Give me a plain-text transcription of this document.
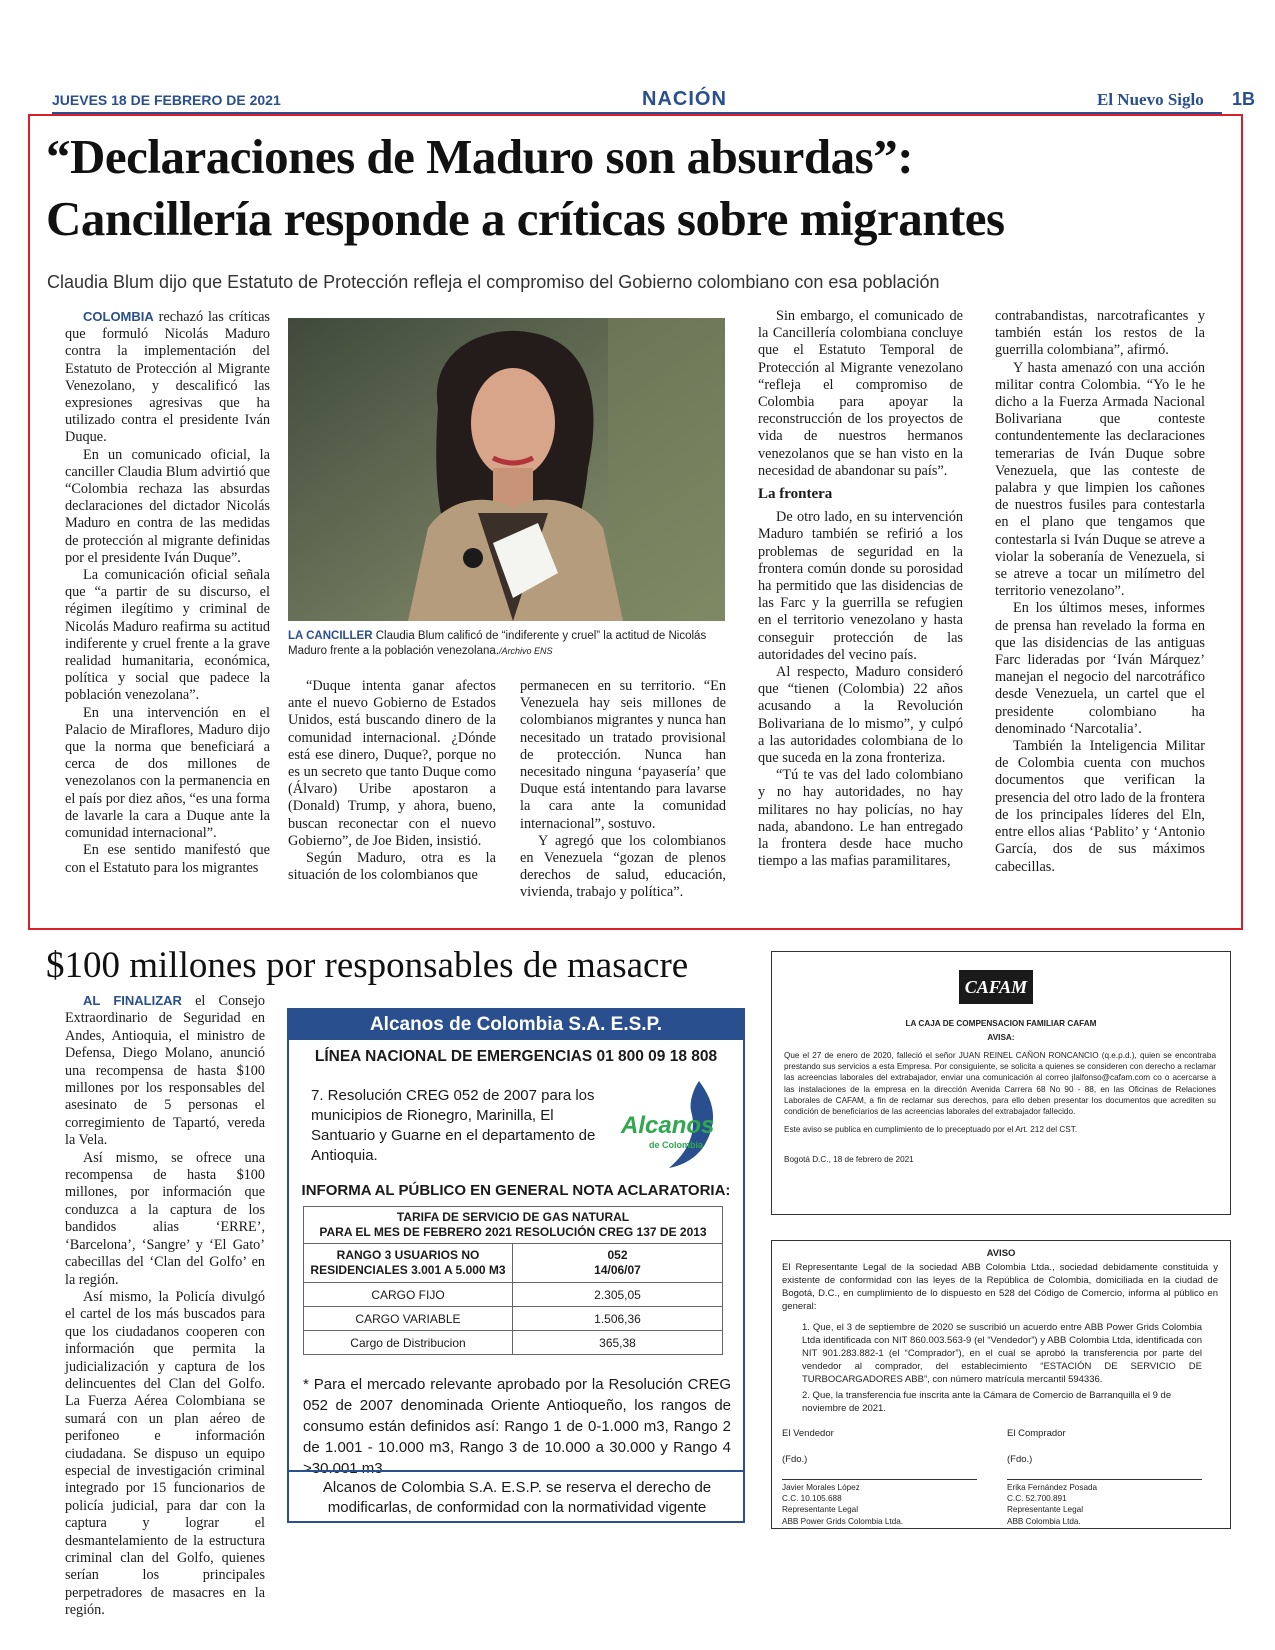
JUEVES 18 DE FEBRERO DE 2021	NACIÓN	El Nuevo Siglo 1B
“Declaraciones de Maduro son absurdas”:
Cancillería responde a críticas sobre migrantes
Claudia Blum dijo que Estatuto de Protección refleja el compromiso del Gobierno colombiano con esa población

COLOMBIA rechazó las críticas que formuló Nicolás Maduro contra la implementación del Estatuto de Protección al Migrante Venezolano, y descalificó las expresiones agresivas que ha utilizado contra el presidente Iván Duque.

En un comunicado oficial, la canciller Claudia Blum advirtió que “Colombia rechaza las absurdas declaraciones del dictador Nicolás Maduro en contra de las medidas de protección al migrante definidas por el presidente Iván Duque”.

La comunicación oficial señala que “a partir de su discurso, el régimen ilegítimo y criminal de Nicolás Maduro reafirma su actitud indiferente y cruel frente a la grave realidad humanitaria, económica, política y social que padece la población venezolana”.

En una intervención en el Palacio de Miraflores, Maduro dijo que la norma que beneficiará a cerca de dos millones de venezolanos con la permanencia en el país por diez años, “es una forma de lavarle la cara a Duque ante la comunidad internacional”.

En ese sentido manifestó que con el Estatuto para los migrantes

LA CANCILLER Claudia Blum calificó de “indiferente y cruel” la actitud de Nicolás Maduro frente a la población venezolana./Archivo ENS

“Duque intenta ganar afectos ante el nuevo Gobierno de Estados Unidos, está buscando dinero de la comunidad internacional. ¿Dónde está ese dinero, Duque?, porque no es un secreto que tanto Duque como (Álvaro) Uribe apostaron a (Donald) Trump, y ahora, bueno, buscan reconectar con el nuevo Gobierno”, de Joe Biden, insistió.

Según Maduro, otra es la situación de los colombianos que

permanecen en su territorio. “En Venezuela hay seis millones de colombianos migrantes y nunca han necesitado un tratado provisional de protección. Nunca han necesitado ninguna ‘payasería’ que Duque está intentando para lavarse la cara ante la comunidad internacional”, sostuvo.

Y agregó que los colombianos en Venezuela “gozan de plenos derechos de salud, educación, vivienda, trabajo y política”.

Sin embargo, el comunicado de la Cancillería colombiana concluye que el Estatuto Temporal de Protección al Migrante venezolano “refleja el compromiso de Colombia para apoyar la reconstrucción de los proyectos de vida de nuestros hermanos venezolanos que se han visto en la necesidad de abandonar su país”.

La frontera

De otro lado, en su intervención Maduro también se refirió a los problemas de seguridad en la frontera común donde su porosidad ha permitido que las disidencias de las Farc y la guerrilla se refugien en el territorio venezolano y hasta conseguir protección de las autoridades del vecino país.

Al respecto, Maduro consideró que “tienen (Colombia) 22 años acusando a la Revolución Bolivariana de lo mismo”, y culpó a las autoridades colombiana de lo que suceda en la zona fronteriza.

“Tú te vas del lado colombiano y no hay autoridades, no hay militares no hay policías, no hay nada, abandono. Le han entregado la frontera desde hace mucho tiempo a las mafias paramilitares,

contrabandistas, narcotraficantes y también están los restos de la guerrilla colombiana”, afirmó.

Y hasta amenazó con una acción militar contra Colombia. “Yo le he dicho a la Fuerza Armada Nacional Bolivariana que conteste contundentemente las declaraciones temerarias de Iván Duque sobre Venezuela, que las conteste de palabra y que limpien los cañones de nuestros fusiles para contestarla en el plano que tengamos que contestarla si Iván Duque se atreve a violar la soberanía de Venezuela, si se atreve a tocar un milímetro del territorio venezolano”.

En los últimos meses, informes de prensa han revelado la forma en que las disidencias de las antiguas Farc lideradas por ‘Iván Márquez’ manejan el negocio del narcotráfico desde Venezuela, un cartel que el presidente colombiano ha denominado ‘Narcotalia’.

También la Inteligencia Militar de Colombia cuenta con muchos documentos que verifican la presencia del otro lado de la frontera de los principales líderes del Eln, entre ellos alias ‘Pablito’ y ‘Antonio García, dos de sus máximos cabecillas.

$100 millones por responsables de masacre

AL FINALIZAR el Consejo Extraordinario de Seguridad en Andes, Antioquia, el ministro de Defensa, Diego Molano, anunció una recompensa de hasta $100 millones por los responsables del asesinato de 5 personas el corregimiento de Tapartó, vereda la Vela.

Así mismo, se ofrece una recompensa de hasta $100 millones, por información que conduzca a la captura de los bandidos alias ‘ERRE’, ‘Barcelona’, ‘Sangre’ y ‘El Gato’ cabecillas del ‘Clan del Golfo’ en la región.

Así mismo, la Policía divulgó el cartel de los más buscados para que los ciudadanos cooperen con información que permita la judicialización y captura de los delincuentes del Clan del Golfo. La Fuerza Aérea Colombiana se sumará con un plan aéreo de perifoneo e información ciudadana. Se dispuso un equipo especial de investigación criminal integrado por 15 funcionarios de policía judicial, para dar con la captura y lograr el desmantelamiento de la estructura criminal clan del Golfo, quienes serían los principales perpetradores de masacres en la región.

Alcanos de Colombia S.A. E.S.P.
LÍNEA NACIONAL DE EMERGENCIAS 01 800 09 18 808
7. Resolución CREG 052 de 2007 para los municipios de Rionegro, Marinilla, El Santuario y Guarne en el departamento de Antioquia.
Alcanos
de Colombia
INFORMA AL PÚBLICO EN GENERAL NOTA ACLARATORIA:
TARIFA DE SERVICIO DE GAS NATURAL
PARA EL MES DE FEBRERO 2021 RESOLUCIÓN CREG 137 DE 2013	
RANGO 3 USUARIOS NO RESIDENCIALES 3.001 A 5.000 M3	052
14/06/07
CARGO FIJO	2.305,05
CARGO VARIABLE	1.506,36
Cargo de Distribucion	365,38
* Para el mercado relevante aprobado por la Resolución CREG 052 de 2007 denominada Oriente Antioqueño, los rangos de consumo están definidos así: Rango 1 de 0-1.000 m3, Rango 2 de 1.001 - 10.000 m3, Rango 3 de 10.000 a 30.000 y Rango 4 >30.001 m3
Alcanos de Colombia S.A. E.S.P. se reserva el derecho de modificarlas, de conformidad con la normatividad vigente
CAFAM
LA CAJA DE COMPENSACION FAMILIAR CAFAM
AVISA:
Que el 27 de enero de 2020, falleció el señor JUAN REINEL CAÑON RONCANCIO (q.e.p.d.), quien se encontraba prestando sus servicios a esta Empresa. Por consiguiente, se solicita a quienes se consideren con derecho a reclamar las acreencias laborales del extrabajador, enviar una comunicación al correo jlalfonso@cafam.com co o acercarse a las instalaciones de la empresa en la dirección Avenida Carrera 68 No 90 - 88, en las Oficinas de Relaciones Laborales de CAFAM, a fin de reclamar sus derechos, para ello deben presentar los documentos que acrediten su condición de beneficiarios de las acreencias laborales del extrabajador fallecido.
Este aviso se publica en cumplimiento de lo preceptuado por el Art. 212 del CST.
Bogotá D.C., 18 de febrero de 2021
AVISO
El Representante Legal de la sociedad ABB Colombia Ltda., sociedad debidamente constituida y existente de conformidad con las leyes de la República de Colombia, domiciliada en la ciudad de Bogotá, D.C., en cumplimiento de lo dispuesto en 528 del Código de Comercio, informa al público en general:
1. Que, el 3 de septiembre de 2020 se suscribió un acuerdo entre ABB Power Grids Colombia Ltda identificada con NIT 860.003.563-9 (el “Vendedor”) y ABB Colombia Ltda, identificada con NIT 901.283.882-1 (el “Comprador”), en el cual se aprobó la transferencia por parte del vendedor al comprador, del establecimiento “ESTACIÓN DE SERVICIO DE TURBOCARGADORES ABB”, con número matrícula mercantil 594336.
2. Que, la transferencia fue inscrita ante la Cámara de Comercio de Barranquilla el 9 de noviembre de 2021.
El Vendedor	El Comprador
(Fdo.)	(Fdo.)
Javier Morales López
C.C. 10.105.688
Representante Legal
ABB Power Grids Colombia Ltda.
Erika Fernández Posada
C.C. 52.700.891
Representante Legal
ABB Colombia Ltda.
